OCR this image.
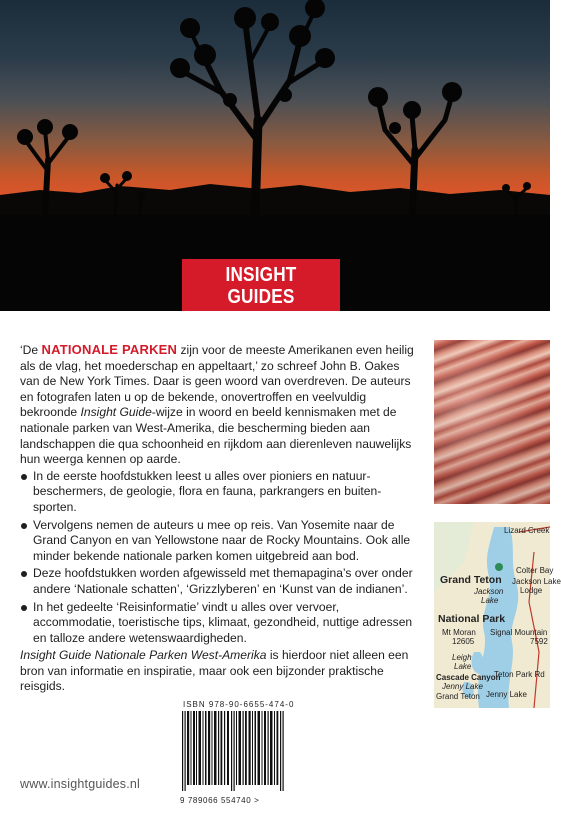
INSIGHT GUIDES
www.insightguides.nl

‘De NATIONALE PARKEN zijn voor de meeste Amerikanen even heilig als de vlag, het moederschap en appeltaart,’ zo schreef John B. Oakes van de New York Times. Daar is geen woord van overdreven. De auteurs en fotografen laten u op de bekende, onovertroffen en veelvuldig bekroonde Insight Guide-wijze in woord en beeld kennismaken met de nationale parken van West-Amerika, die bescherming bieden aan landschappen die qua schoonheid en rijkdom aan dierenleven nauwelijks hun weerga kennen op aarde.

In de eerste hoofdstukken leest u alles over pioniers en natuur-beschermers, de geologie, flora en fauna, parkrangers en buiten-sporten.
Vervolgens nemen de auteurs u mee op reis. Van Yosemite naar de Grand Canyon en van Yellowstone naar de Rocky Mountains. Ook alle minder bekende nationale parken komen uitgebreid aan bod.
Deze hoofdstukken worden afgewisseld met themapagina’s over onder andere ‘Nationale schatten’, ‘Grizzlyberen’ en ‘Kunst van de indianen’.
In het gedeelte ‘Reisinformatie’ vindt u alles over vervoer, accommodatie, toeristische tips, klimaat, gezondheid, nuttige adressen en talloze andere wetenswaardigheden.

Insight Guide Nationale Parken West-Amerika is hierdoor niet alleen een bron van informatie en inspiratie, maar ook een bijzonder praktische reisgids.

Lizard Creek
Grand Teton
Jackson
Lake
Colter Bay
Jackson Lake
Lodge
National Park
Mt Moran Signal Mountain
12605	7592
Leigh
Lake
Cascade Canyon
Jenny Lake
Teton Park Rd
Grand Teton Jenny Lake
ISBN 978-90-6655-474-0
9 789066 554740 >
www.insightguides.nl
